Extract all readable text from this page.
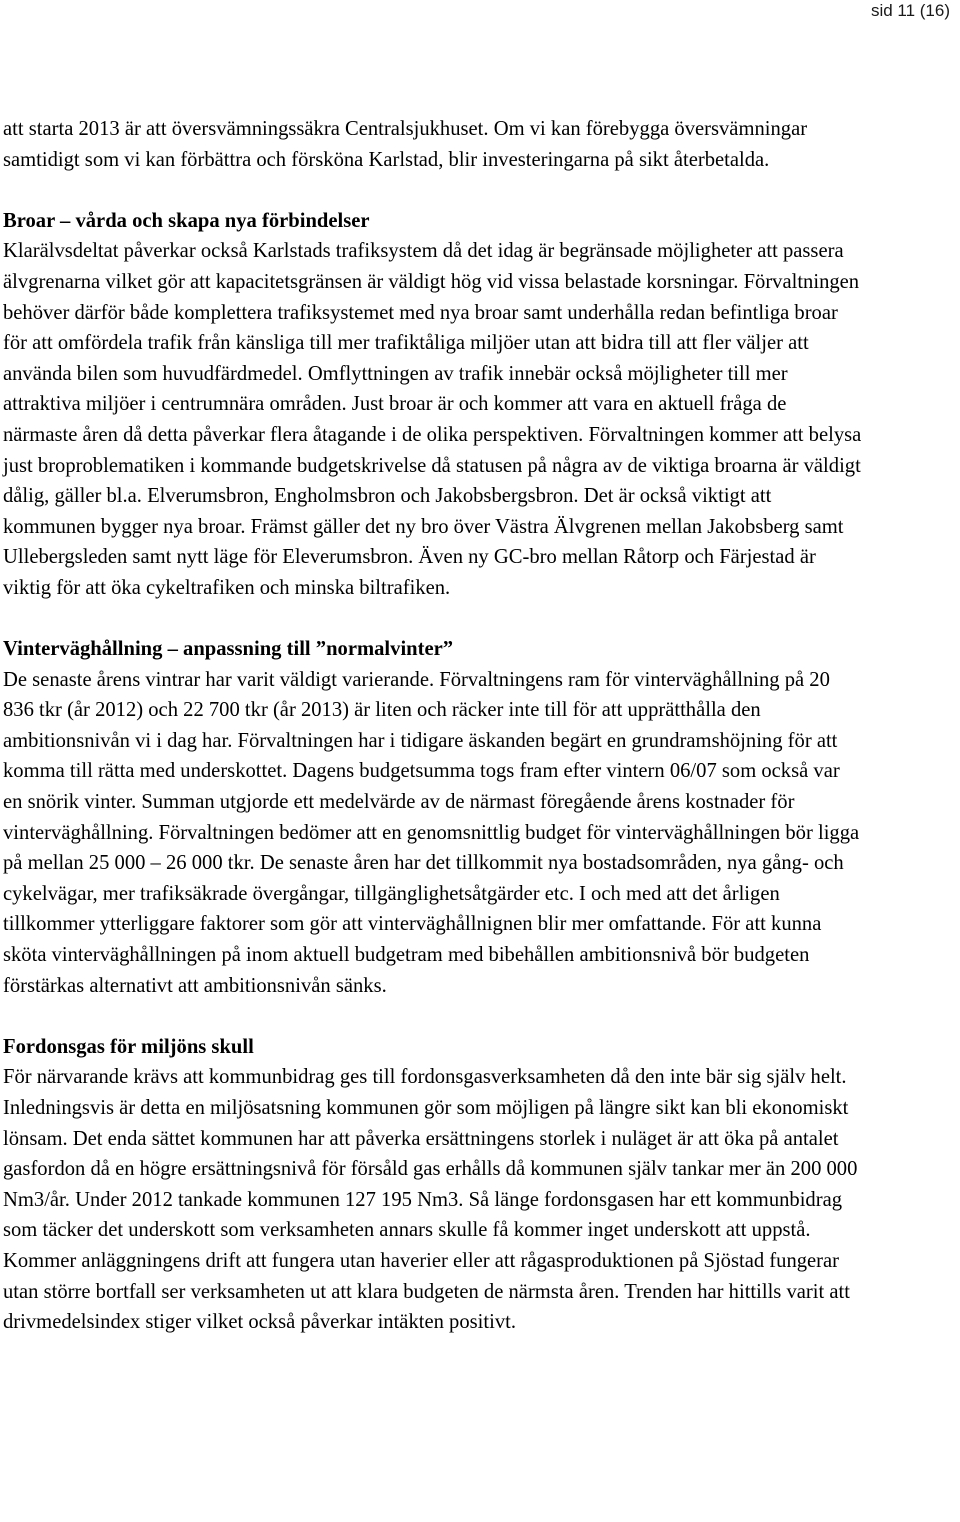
sid 11 (16)

att starta 2013 är att översvämningssäkra Centralsjukhuset. Om vi kan förebygga översvämningar samtidigt som vi kan förbättra och försköna Karlstad, blir investeringarna på sikt återbetalda.

Broar – vårda och skapa nya förbindelser

Klarälvsdeltat påverkar också Karlstads trafiksystem då det idag är begränsade möjligheter att passera älvgrenarna vilket gör att kapacitetsgränsen är väldigt hög vid vissa belastade korsningar. Förvaltningen behöver därför både komplettera trafiksystemet med nya broar samt underhålla redan befintliga broar för att omfördela trafik från känsliga till mer trafiktåliga miljöer utan att bidra till att fler väljer att använda bilen som huvudfärdmedel. Omflyttningen av trafik innebär också möjligheter till mer attraktiva miljöer i centrumnära områden. Just broar är och kommer att vara en aktuell fråga de närmaste åren då detta påverkar flera åtagande i de olika perspektiven. Förvaltningen kommer att belysa just broproblematiken i kommande budgetskrivelse då statusen på några av de viktiga broarna är väldigt dålig, gäller bl.a. Elverumsbron, Engholmsbron och Jakobsbergsbron. Det är också viktigt att kommunen bygger nya broar. Främst gäller det ny bro över Västra Älvgrenen mellan Jakobsberg samt Ullebergsleden samt nytt läge för Eleverumsbron. Även ny GC-bro mellan Råtorp och Färjestad är viktig för att öka cykeltrafiken och minska biltrafiken.

Vinterväghållning – anpassning till ”normalvinter”

De senaste årens vintrar har varit väldigt varierande. Förvaltningens ram för vinterväghållning på 20 836 tkr (år 2012) och 22 700 tkr (år 2013) är liten och räcker inte till för att upprätthålla den ambitionsnivån vi i dag har. Förvaltningen har i tidigare äskanden begärt en grundramshöjning för att komma till rätta med underskottet. Dagens budgetsumma togs fram efter vintern 06/07 som också var en snörik vinter. Summan utgjorde ett medelvärde av de närmast föregående årens kostnader för vinterväghållning. Förvaltningen bedömer att en genomsnittlig budget för vinterväghållningen bör ligga på mellan 25 000 – 26 000 tkr. De senaste åren har det tillkommit nya bostadsområden, nya gång- och cykelvägar, mer trafiksäkrade övergångar, tillgänglighetsåtgärder etc. I och med att det årligen tillkommer ytterliggare faktorer som gör att vinterväghållnignen blir mer omfattande. För att kunna sköta vinterväghållningen på inom aktuell budgetram med bibehållen ambitionsnivå bör budgeten förstärkas alternativt att ambitionsnivån sänks.

Fordonsgas för miljöns skull

För närvarande krävs att kommunbidrag ges till fordonsgasverksamheten då den inte bär sig själv helt. Inledningsvis är detta en miljösatsning kommunen gör som möjligen på längre sikt kan bli ekonomiskt lönsam. Det enda sättet kommunen har att påverka ersättningens storlek i nuläget är att öka på antalet gasfordon då en högre ersättningsnivå för försåld gas erhålls då kommunen själv tankar mer än 200 000 Nm3/år. Under 2012 tankade kommunen 127 195 Nm3. Så länge fordonsgasen har ett kommunbidrag som täcker det underskott som verksamheten annars skulle få kommer inget underskott att uppstå. Kommer anläggningens drift att fungera utan haverier eller att rågasproduktionen på Sjöstad fungerar utan större bortfall ser verksamheten ut att klara budgeten de närmsta åren. Trenden har hittills varit att drivmedelsindex stiger vilket också påverkar intäkten positivt.
